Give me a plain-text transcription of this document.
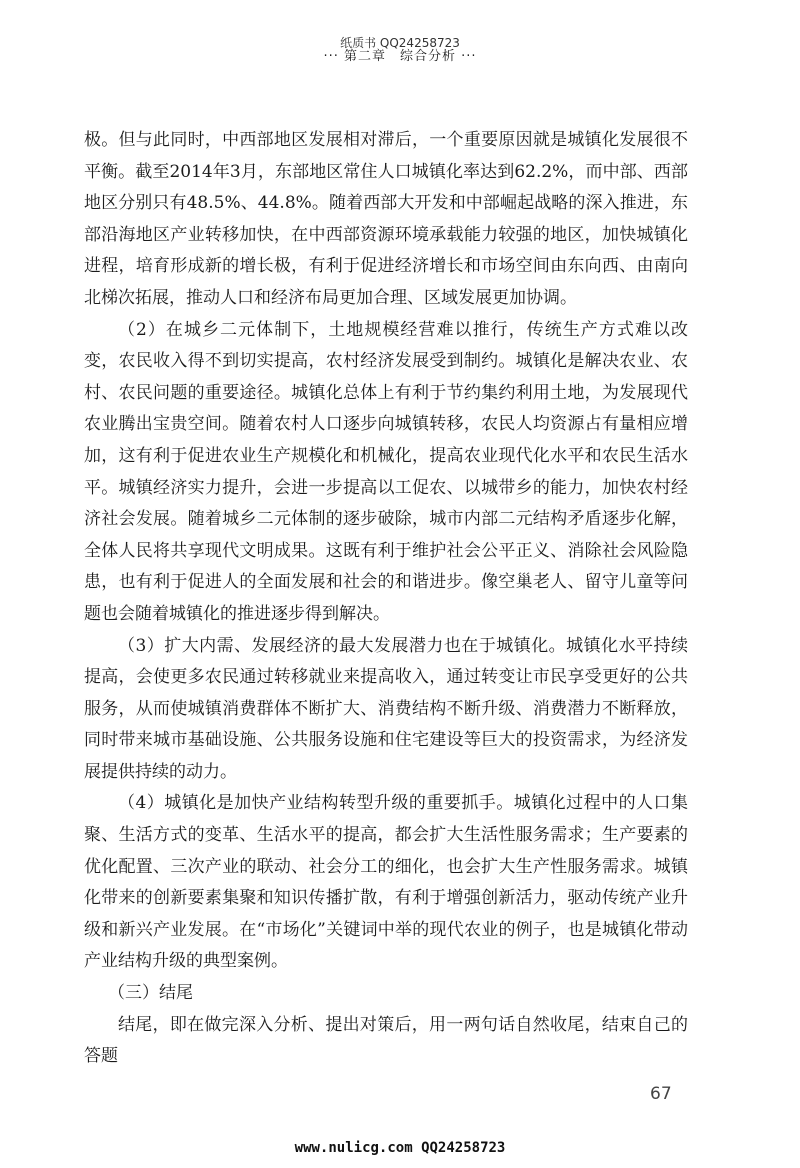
纸质书 QQ24258723
··· 第二章　综合分析 ···

极。但与此同时，中西部地区发展相对滞后，一个重要原因就是城镇化发展很不平衡。截至2014年3月，东部地区常住人口城镇化率达到62.2%，而中部、西部地区分别只有48.5%、44.8%。随着西部大开发和中部崛起战略的深入推进，东部沿海地区产业转移加快，在中西部资源环境承载能力较强的地区，加快城镇化进程，培育形成新的增长极，有利于促进经济增长和市场空间由东向西、由南向北梯次拓展，推动人口和经济布局更加合理、区域发展更加协调。

（2）在城乡二元体制下，土地规模经营难以推行，传统生产方式难以改变，农民收入得不到切实提高，农村经济发展受到制约。城镇化是解决农业、农村、农民问题的重要途径。城镇化总体上有利于节约集约利用土地，为发展现代农业腾出宝贵空间。随着农村人口逐步向城镇转移，农民人均资源占有量相应增加，这有利于促进农业生产规模化和机械化，提高农业现代化水平和农民生活水平。城镇经济实力提升，会进一步提高以工促农、以城带乡的能力，加快农村经济社会发展。随着城乡二元体制的逐步破除，城市内部二元结构矛盾逐步化解，全体人民将共享现代文明成果。这既有利于维护社会公平正义、消除社会风险隐患，也有利于促进人的全面发展和社会的和谐进步。像空巢老人、留守儿童等问题也会随着城镇化的推进逐步得到解决。

（3）扩大内需、发展经济的最大发展潜力也在于城镇化。城镇化水平持续提高，会使更多农民通过转移就业来提高收入，通过转变让市民享受更好的公共服务，从而使城镇消费群体不断扩大、消费结构不断升级、消费潜力不断释放，同时带来城市基础设施、公共服务设施和住宅建设等巨大的投资需求，为经济发展提供持续的动力。

（4）城镇化是加快产业结构转型升级的重要抓手。城镇化过程中的人口集聚、生活方式的变革、生活水平的提高，都会扩大生活性服务需求；生产要素的优化配置、三次产业的联动、社会分工的细化，也会扩大生产性服务需求。城镇化带来的创新要素集聚和知识传播扩散，有利于增强创新活力，驱动传统产业升级和新兴产业发展。在“市场化”关键词中举的现代农业的例子，也是城镇化带动产业结构升级的典型案例。

（三）结尾

结尾，即在做完深入分析、提出对策后，用一两句话自然收尾，结束自己的答题

67
www.nulicg.com QQ24258723
